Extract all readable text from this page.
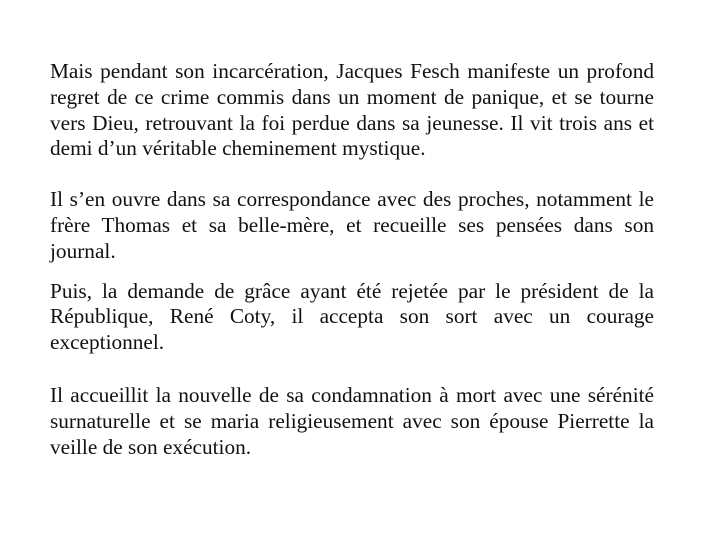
Mais pendant son incarcération, Jacques Fesch manifeste un profond regret de ce crime commis dans un moment de panique, et se tourne vers Dieu, retrouvant la foi perdue dans sa jeunesse. Il vit trois ans et demi d’un véritable cheminement mystique.

Il s’en ouvre dans sa correspondance avec des proches, notamment le frère Thomas et sa belle-mère, et recueille ses pensées dans son journal.

Puis, la demande de grâce ayant été rejetée par le président de la République, René Coty, il accepta son sort avec un courage exceptionnel.

Il accueillit la nouvelle de sa condamnation à mort avec une sérénité surnaturelle et se maria religieusement avec son épouse Pierrette la veille de son exécution.
